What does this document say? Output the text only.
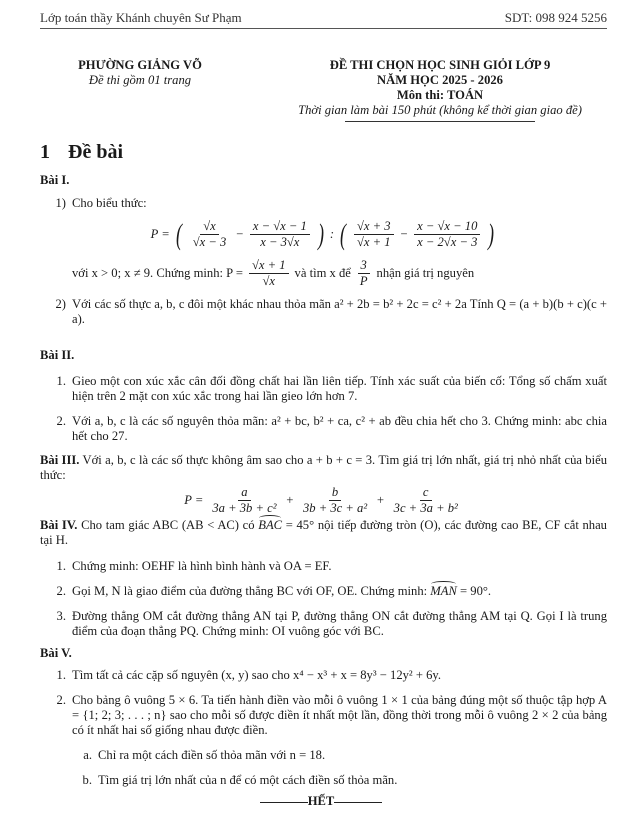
Lớp toán thầy Khánh chuyên Sư Phạm	SDT: 098 924 5256
PHƯỜNG GIẢNG VÕ
Đề thi gồm 01 trang
ĐỀ THI CHỌN HỌC SINH GIỎI LỚP 9
NĂM HỌC 2025 - 2026
Môn thi: TOÁN
Thời gian làm bài 150 phút (không kể thời gian giao đề)
1 Đề bài
Bài I.
1) Cho biểu thức:
P = ( $\frac{√x}{√x - 3} - \frac{x - √x - 1}{x - 3√x}$ ) : ( $\frac{√x + 3}{√x + 1} - \frac{x - √x - 10}{x - 2√x - 3}$ )
với x > 0; x ≠ 9. Chứng minh: $P = \frac{√x + 1}{√x}$ và tìm x để $\frac{3}{P}$ nhận giá trị nguyên
2) Với các số thực a, b, c đôi một khác nhau thỏa mãn a² + 2b = b² + 2c = c² + 2a Tính Q = (a + b)(b + c)(c + a).
Bài II.
1. Gieo một con xúc xắc cân đối đồng chất hai lần liên tiếp. Tính xác suất của biến cố: Tổng số chấm xuất hiện trên 2 mặt con xúc xắc trong hai lần gieo lớn hơn 7.
2. Với a, b, c là các số nguyên thỏa mãn: a² + bc, b² + ca, c² + ab đều chia hết cho 3. Chứng minh: abc chia hết cho 27.
Bài III. Với a, b, c là các số thực không âm sao cho a + b + c = 3. Tìm giá trị lớn nhất, giá trị nhỏ nhất của biểu thức:
$P = \frac{a}{\text{3a + 3b + c²}} + \frac{b}{\text{3b + 3c + a²}} + \frac{c}{\text{3c + 3a + b²}}$
Bài IV. Cho tam giác ABC (AB < AC) có BAC = 45° nội tiếp đường tròn (O), các đường cao BE, CF cắt nhau tại H.
1. Chứng minh: OEHF là hình bình hành và OA = EF.
2. Gọi M, N là giao điểm của đường thẳng BC với OF, OE. Chứng minh: MAN = 90°.
3. Đường thẳng OM cắt đường thẳng AN tại P, đường thẳng ON cắt đường thẳng AM tại Q. Gọi I là trung điểm của đoạn thẳng PQ. Chứng minh: OI vuông góc với BC.
Bài V.
1. Tìm tất cả các cặp số nguyên (x, y) sao cho x⁴ − x³ + x = 8y³ − 12y² + 6y.
2. Cho bảng ô vuông 5 × 6. Ta tiến hành điền vào mỗi ô vuông 1 × 1 của bảng đúng một số thuộc tập hợp A = {1; 2; 3; . . . ; n} sao cho mỗi số được điền ít nhất một lần, đồng thời trong mỗi ô vuông 2 × 2 của bảng có ít nhất hai số giống nhau được điền.
a. Chỉ ra một cách điền số thỏa mãn với n = 18.
b. Tìm giá trị lớn nhất của n để có một cách điền số thỏa mãn.
HẾT
